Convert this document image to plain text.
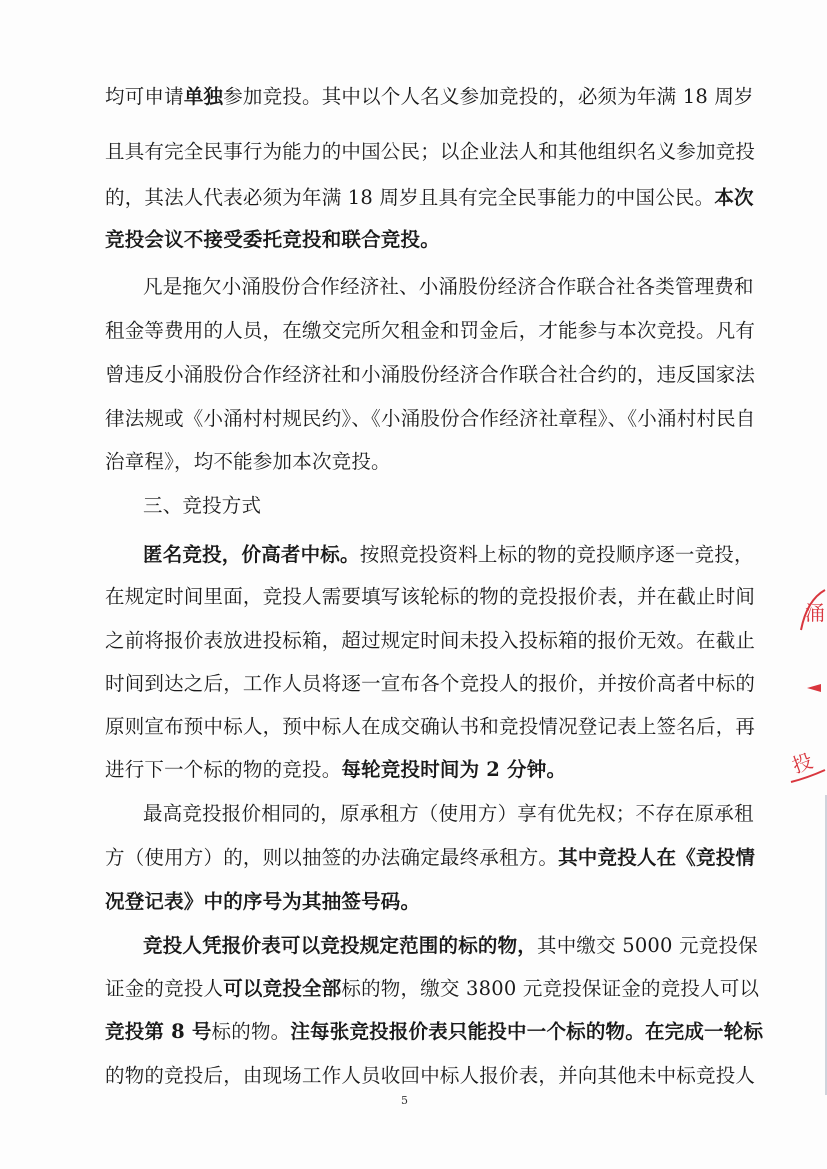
均可申请单独参加竞投。其中以个人名义参加竞投的，必须为年满 18 周岁
且具有完全民事行为能力的中国公民；以企业法人和其他组织名义参加竞投
的，其法人代表必须为年满 18 周岁且具有完全民事能力的中国公民。本次
竞投会议不接受委托竞投和联合竞投。
凡是拖欠小涌股份合作经济社、小涌股份经济合作联合社各类管理费和
租金等费用的人员，在缴交完所欠租金和罚金后，才能参与本次竞投。凡有
曾违反小涌股份合作经济社和小涌股份经济合作联合社合约的，违反国家法
律法规或《小涌村村规民约》、《小涌股份合作经济社章程》、《小涌村村民自
治章程》，均不能参加本次竞投。
三、竞投方式
匿名竞投，价高者中标。按照竞投资料上标的物的竞投顺序逐一竞投，
在规定时间里面，竞投人需要填写该轮标的物的竞投报价表，并在截止时间
之前将报价表放进投标箱，超过规定时间未投入投标箱的报价无效。在截止
时间到达之后，工作人员将逐一宣布各个竞投人的报价，并按价高者中标的
原则宣布预中标人，预中标人在成交确认书和竞投情况登记表上签名后，再
进行下一个标的物的竞投。每轮竞投时间为 2 分钟。
最高竞投报价相同的，原承租方（使用方）享有优先权；不存在原承租
方（使用方）的，则以抽签的办法确定最终承租方。其中竞投人在《竞投情
况登记表》中的序号为其抽签号码。
竞投人凭报价表可以竞投规定范围的标的物，其中缴交 5000 元竞投保
证金的竞投人可以竞投全部标的物，缴交 3800 元竞投保证金的竞投人可以
竞投第 8 号标的物。注每张竞投报价表只能投中一个标的物。在完成一轮标
的物的竞投后，由现场工作人员收回中标人报价表，并向其他未中标竞投人
涌
投
5
